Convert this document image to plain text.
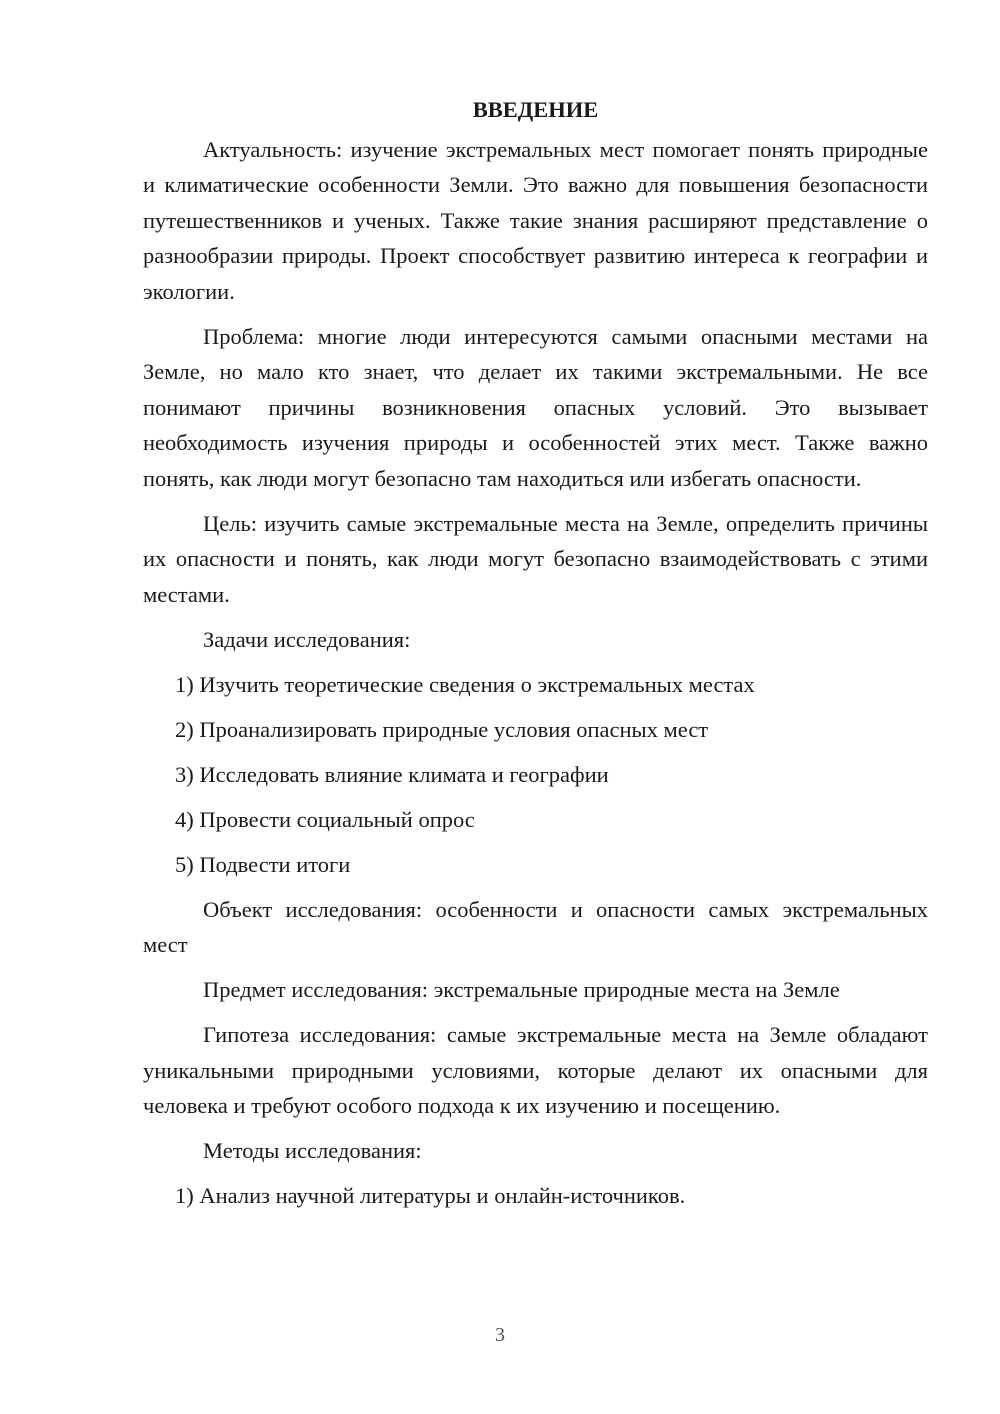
ВВЕДЕНИЕ

Актуальность: изучение экстремальных мест помогает понять природные и климатические особенности Земли. Это важно для повышения безопасности путешественников и ученых. Также такие знания расширяют представление о разнообразии природы. Проект способствует развитию интереса к географии и экологии.

Проблема: многие люди интересуются самыми опасными местами на Земле, но мало кто знает, что делает их такими экстремальными. Не все понимают причины возникновения опасных условий. Это вызывает необходимость изучения природы и особенностей этих мест. Также важно понять, как люди могут безопасно там находиться или избегать опасности.

Цель: изучить самые экстремальные места на Земле, определить причины их опасности и понять, как люди могут безопасно взаимодействовать с этими местами.

Задачи исследования:

1) Изучить теоретические сведения о экстремальных местах
2) Проанализировать природные условия опасных мест
3) Исследовать влияние климата и географии
4) Провести социальный опрос
5) Подвести итоги

Объект исследования: особенности и опасности самых экстремальных мест

Предмет исследования: экстремальные природные места на Земле

Гипотеза исследования: самые экстремальные места на Земле обладают уникальными природными условиями, которые делают их опасными для человека и требуют особого подхода к их изучению и посещению.

Методы исследования:

1) Анализ научной литературы и онлайн-источников.
3
